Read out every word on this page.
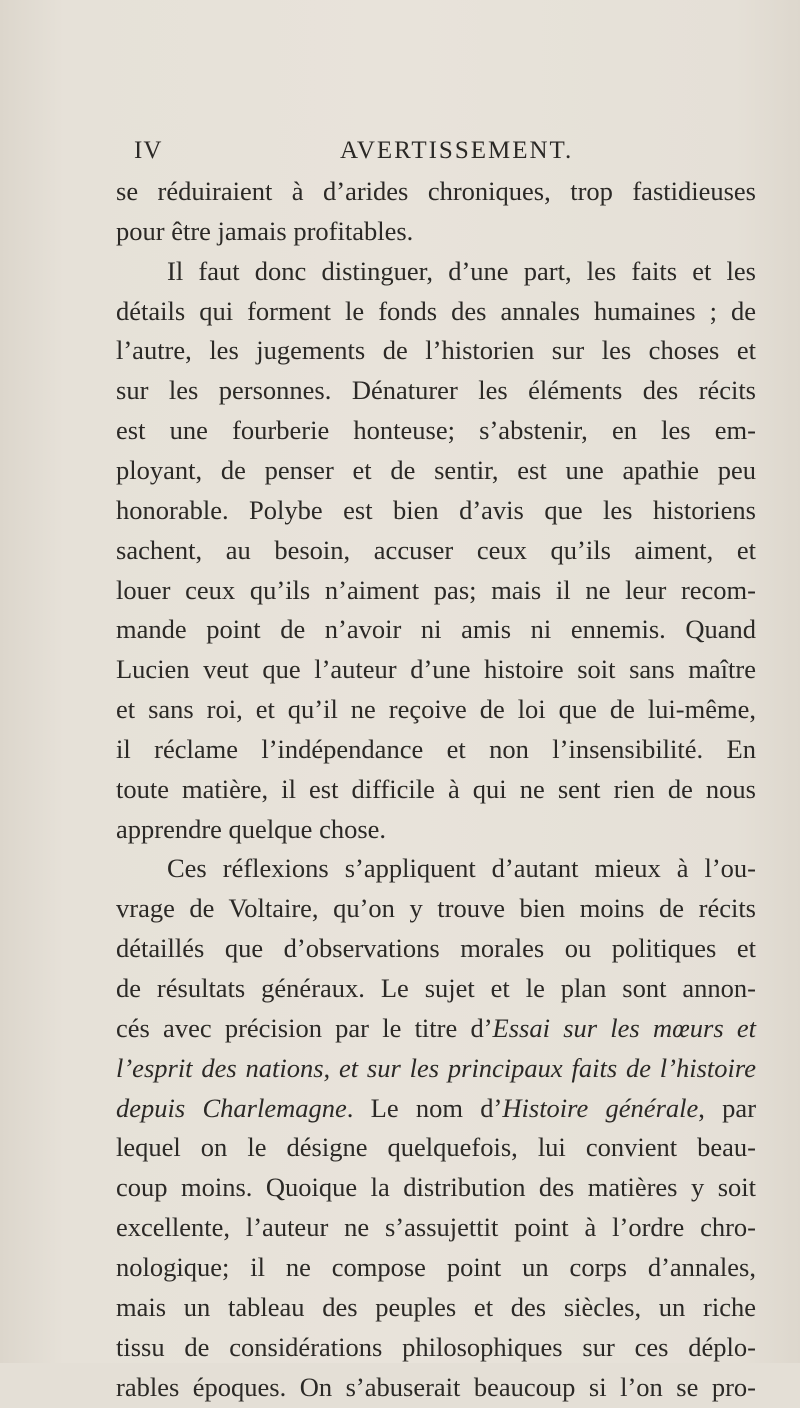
IV	AVERTISSEMENT.
se réduiraient à d’arides chroniques, trop fastidieuses
pour être jamais profitables.
Il faut donc distinguer, d’une part, les faits et les
détails qui forment le fonds des annales humaines ; de
l’autre, les jugements de l’historien sur les choses et
sur les personnes. Dénaturer les éléments des récits
est une fourberie honteuse; s’abstenir, en les em-
ployant, de penser et de sentir, est une apathie peu
honorable. Polybe est bien d’avis que les historiens
sachent, au besoin, accuser ceux qu’ils aiment, et
louer ceux qu’ils n’aiment pas; mais il ne leur recom-
mande point de n’avoir ni amis ni ennemis. Quand
Lucien veut que l’auteur d’une histoire soit sans maître
et sans roi, et qu’il ne reçoive de loi que de lui-même,
il réclame l’indépendance et non l’insensibilité. En
toute matière, il est difficile à qui ne sent rien de nous
apprendre quelque chose.
Ces réflexions s’appliquent d’autant mieux à l’ou-
vrage de Voltaire, qu’on y trouve bien moins de récits
détaillés que d’observations morales ou politiques et
de résultats généraux. Le sujet et le plan sont annon-
cés avec précision par le titre d’Essai sur les mœurs et
l’esprit des nations, et sur les principaux faits de l’histoire
depuis Charlemagne. Le nom d’Histoire générale, par
lequel on le désigne quelquefois, lui convient beau-
coup moins. Quoique la distribution des matières y soit
excellente, l’auteur ne s’assujettit point à l’ordre chro-
nologique; il ne compose point un corps d’annales,
mais un tableau des peuples et des siècles, un riche
tissu de considérations philosophiques sur ces déplo-
rables époques. On s’abuserait beaucoup si l’on se pro-
